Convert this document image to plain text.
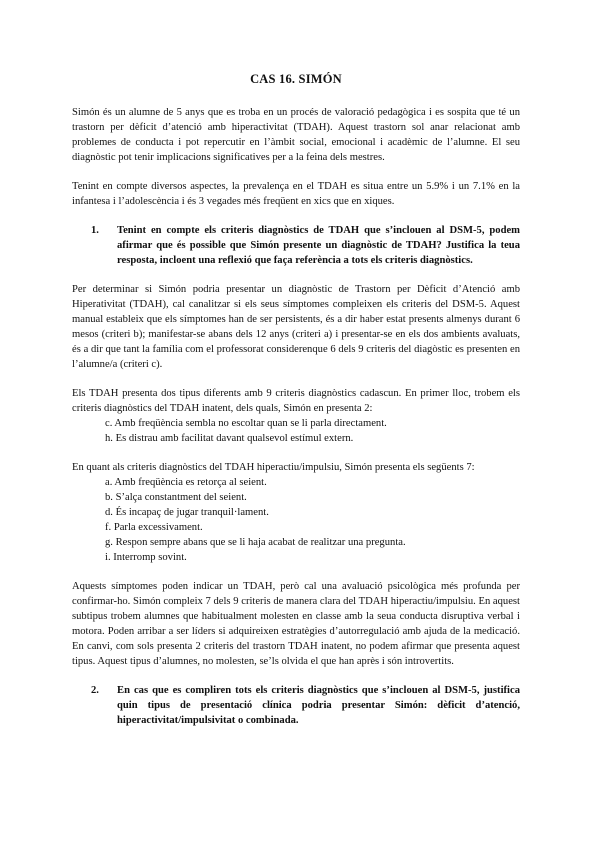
CAS 16. SIMÓN

Simón és un alumne de 5 anys que es troba en un procés de valoració pedagògica i es sospita que té un trastorn per dèficit d’atenció amb hiperactivitat (TDAH). Aquest trastorn sol anar relacionat amb problemes de conducta i pot repercutir en l’àmbit social, emocional i acadèmic de l’alumne. El seu diagnòstic pot tenir implicacions significatives per a la feina dels mestres.

Tenint en compte diversos aspectes, la prevalença en el TDAH es situa entre un 5.9% i un 7.1% en la infantesa i l’adolescència i és 3 vegades més freqüent en xics que en xiques.

1.	Tenint en compte els criteris diagnòstics de TDAH que s’inclouen al DSM-5, podem afirmar que és possible que Simón presente un diagnòstic de TDAH? Justifica la teua resposta, incloent una reflexió que faça referència a tots els criteris diagnòstics.

Per determinar si Simón podria presentar un diagnòstic de Trastorn per Dèficit d’Atenció amb Hiperativitat (TDAH), cal canalitzar si els seus símptomes compleixen els criteris del DSM-5. Aquest manual estableix que els símptomes han de ser persistents, és a dir haber estat presents almenys durant 6 mesos (criteri b); manifestar-se abans dels 12 anys (criteri a) i presentar-se en els dos ambients avaluats, és a dir que tant la família com el professorat considerenque 6 dels 9 criteris del diagòstic es presenten en l’alumne/a (criteri c).

Els TDAH presenta dos tipus diferents amb 9 criteris diagnòstics cadascun. En primer lloc, trobem els criteris diagnòstics del TDAH inatent, dels quals, Simón en presenta 2:

c. Amb freqüència sembla no escoltar quan se li parla directament.
h. Es distrau amb facilitat davant qualsevol estímul extern.

En quant als criteris diagnòstics del TDAH hiperactiu/impulsiu, Simón presenta els següents 7:

a. Amb freqüència es retorça al seient.
b. S’alça constantment del seient.
d. És incapaç de jugar tranquil·lament.
f. Parla excessivament.
g. Respon sempre abans que se li haja acabat de realitzar una pregunta.
i. Interromp sovint.

Aquests símptomes poden indicar un TDAH, però cal una avaluació psicològica més profunda per confirmar-ho. Simón compleix 7 dels 9 criteris de manera clara del TDAH hiperactiu/impulsiu. En aquest subtipus trobem alumnes que habitualment molesten en classe amb la seua conducta disruptiva verbal i motora. Poden arribar a ser líders si adquireixen estratègies d’autorregulació amb ajuda de la medicació. En canvi, com sols presenta 2 criteris del trastorn TDAH inatent, no podem afirmar que presenta aquest tipus. Aquest tipus d’alumnes, no molesten, se’ls olvida el que han après i són introvertits.

2.	En cas que es compliren tots els criteris diagnòstics que s’inclouen al DSM-5, justifica quin tipus de presentació clínica podria presentar Simón: dèficit d’atenció, hiperactivitat/impulsivitat o combinada.
